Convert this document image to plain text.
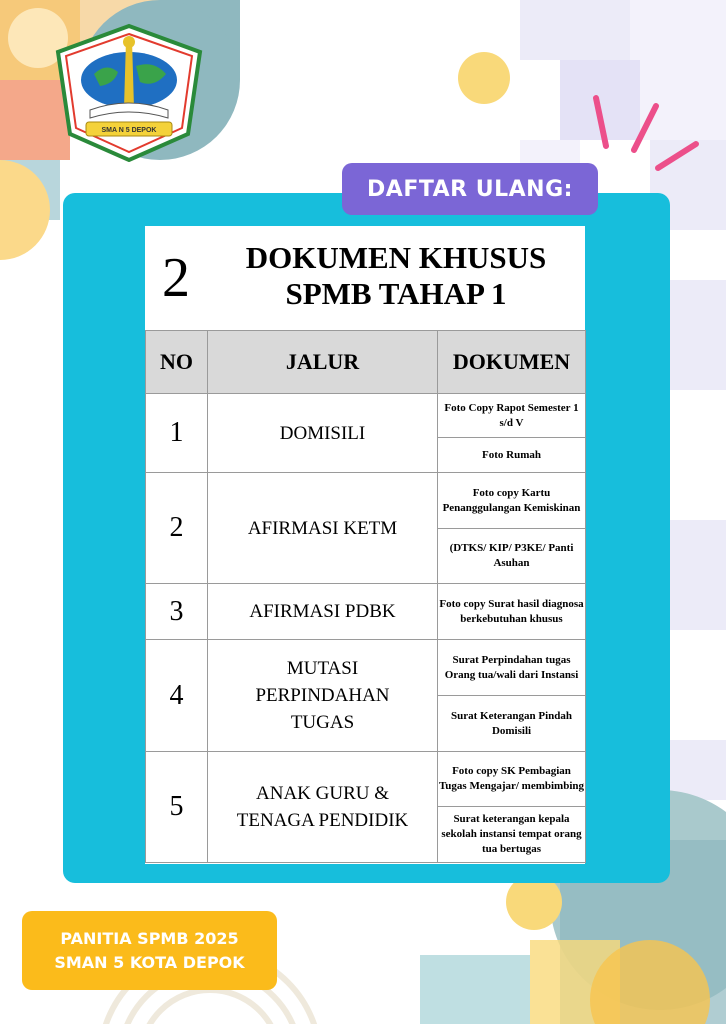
SMA N 5 DEPOK
DAFTAR ULANG:
2	DOKUMEN KHUSUS
SPMB TAHAP 1
NO	JALUR	DOKUMEN
1	DOMISILI	Foto Copy Rapot Semester 1 s/d V
		Foto Rumah
2	AFIRMASI KETM	Foto copy Kartu Penanggulangan Kemiskinan
		(DTKS/ KIP/ P3KE/ Panti Asuhan
3	AFIRMASI PDBK	Foto copy Surat hasil diagnosa berkebutuhan khusus
4	MUTASI PERPINDAHAN TUGAS	Surat Perpindahan tugas Orang tua/wali dari Instansi
		Surat Keterangan Pindah Domisili
5	ANAK GURU & TENAGA PENDIDIK	Foto copy SK Pembagian Tugas Mengajar/ membimbing
		Surat keterangan kepala sekolah instansi tempat orang tua bertugas
PANITIA SPMB 2025
SMAN 5 KOTA DEPOK
